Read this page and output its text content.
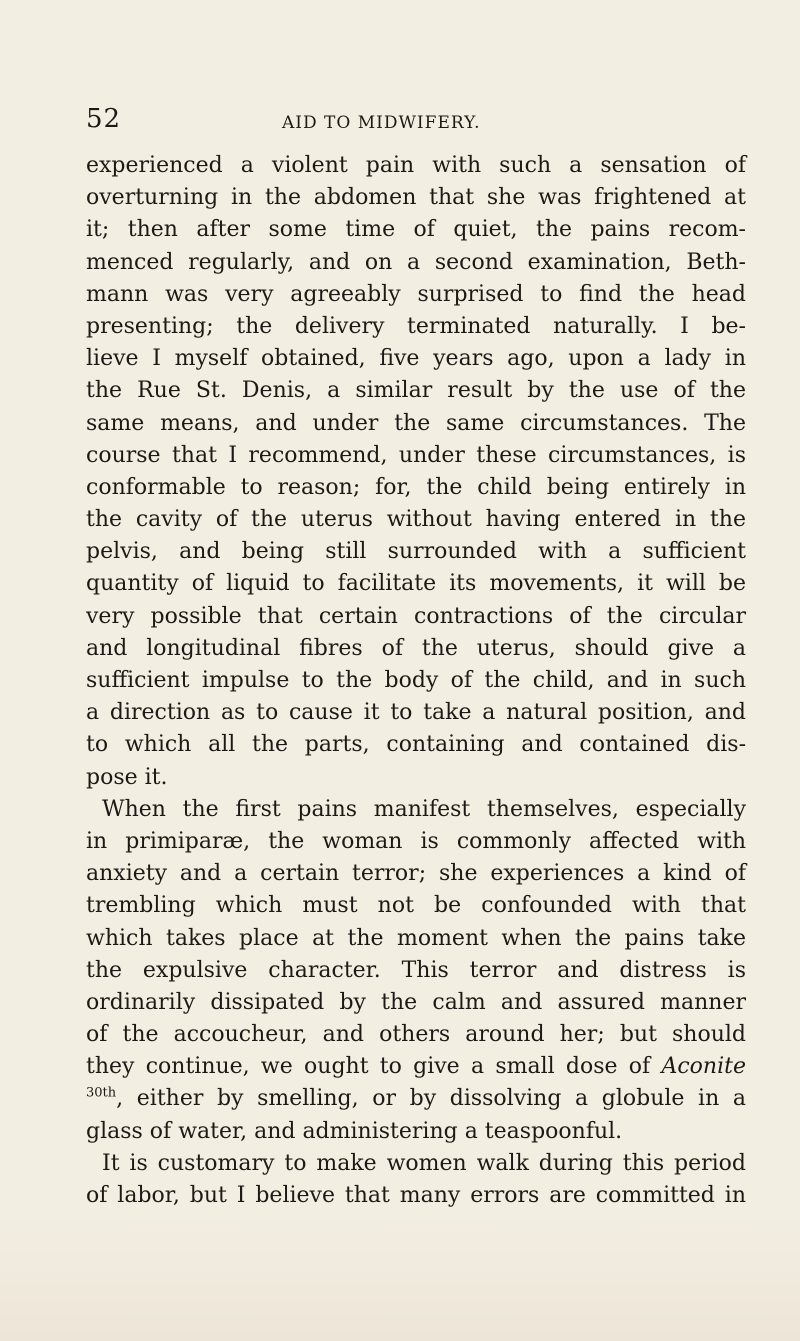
52	AID TO MIDWIFERY.
experienced a violent pain with such a sensation of
overturning in the abdomen that she was frightened at
it; then after some time of quiet, the pains recom-
menced regularly, and on a second examination, Beth-
mann was very agreeably surprised to find the head
presenting; the delivery terminated naturally. I be-
lieve I myself obtained, five years ago, upon a lady in
the Rue St. Denis, a similar result by the use of the
same means, and under the same circumstances. The
course that I recommend, under these circumstances, is
conformable to reason; for, the child being entirely in
the cavity of the uterus without having entered in the
pelvis, and being still surrounded with a sufficient
quantity of liquid to facilitate its movements, it will be
very possible that certain contractions of the circular
and longitudinal fibres of the uterus, should give a
sufficient impulse to the body of the child, and in such
a direction as to cause it to take a natural position, and
to which all the parts, containing and contained dis-
pose it.
When the first pains manifest themselves, especially
in primiparæ, the woman is commonly affected with
anxiety and a certain terror; she experiences a kind of
trembling which must not be confounded with that
which takes place at the moment when the pains take
the expulsive character. This terror and distress is
ordinarily dissipated by the calm and assured manner
of the accoucheur, and others around her; but should
they continue, we ought to give a small dose of Aconite
$^{30th}$, either by smelling, or by dissolving a globule in a
glass of water, and administering a teaspoonful.
It is customary to make women walk during this period
of labor, but I believe that many errors are committed in
